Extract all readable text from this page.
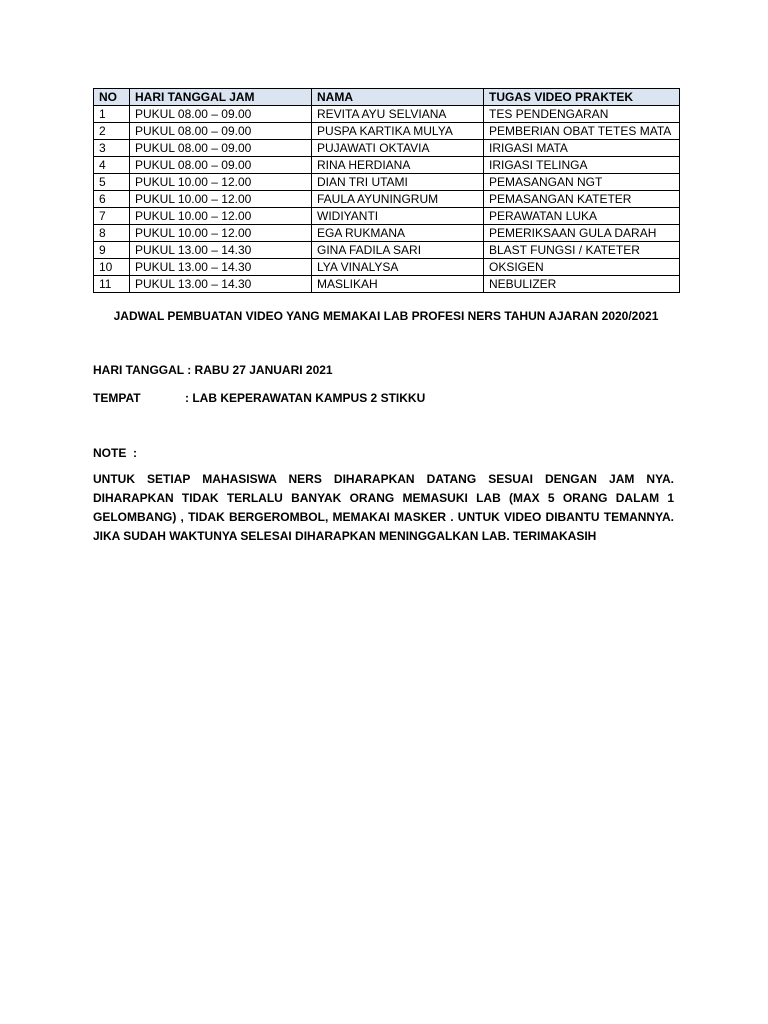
NO	HARI TANGGAL JAM	NAMA	TUGAS VIDEO PRAKTEK
1	PUKUL 08.00 – 09.00	REVITA AYU SELVIANA	TES PENDENGARAN
2	PUKUL 08.00 – 09.00	PUSPA KARTIKA MULYA	PEMBERIAN OBAT TETES MATA
3	PUKUL 08.00 – 09.00	PUJAWATI OKTAVIA	IRIGASI MATA
4	PUKUL 08.00 – 09.00	RINA HERDIANA	IRIGASI TELINGA
5	PUKUL 10.00 – 12.00	DIAN TRI UTAMI	PEMASANGAN NGT
6	PUKUL 10.00 – 12.00	FAULA AYUNINGRUM	PEMASANGAN KATETER
7	PUKUL 10.00 – 12.00	WIDIYANTI	PERAWATAN LUKA
8	PUKUL 10.00 – 12.00	EGA RUKMANA	PEMERIKSAAN GULA DARAH
9	PUKUL 13.00 – 14.30	GINA FADILA SARI	BLAST FUNGSI / KATETER
10	PUKUL 13.00 – 14.30	LYA VINALYSA	OKSIGEN
11	PUKUL 13.00 – 14.30	MASLIKAH	NEBULIZER
JADWAL PEMBUATAN VIDEO YANG MEMAKAI LAB PROFESI NERS TAHUN AJARAN 2020/2021
HARI TANGGAL : RABU 27 JANUARI 2021
TEMPAT	: LAB KEPERAWATAN KAMPUS 2 STIKKU
NOTE  :
UNTUK SETIAP MAHASISWA NERS DIHARAPKAN DATANG SESUAI DENGAN JAM NYA. DIHARAPKAN TIDAK TERLALU BANYAK ORANG MEMASUKI LAB (MAX 5 ORANG DALAM 1 GELOMBANG) , TIDAK BERGEROMBOL, MEMAKAI MASKER . UNTUK VIDEO DIBANTU TEMANNYA. JIKA SUDAH WAKTUNYA SELESAI DIHARAPKAN MENINGGALKAN LAB. TERIMAKASIH
